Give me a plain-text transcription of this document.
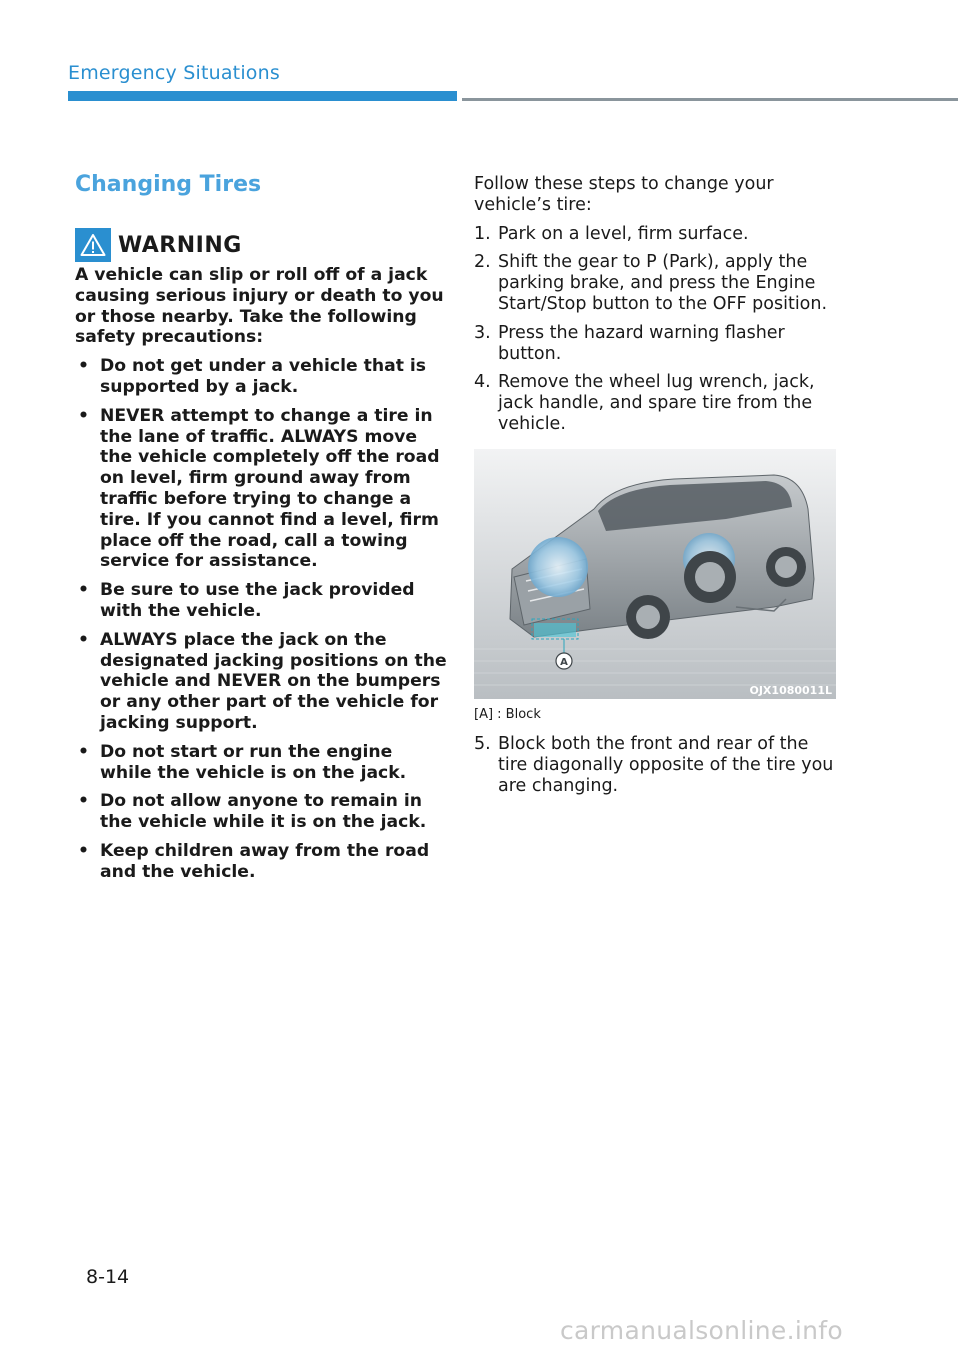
Emergency Situations
Changing Tires
WARNING

A vehicle can slip or roll off of a jack causing serious injury or death to you or those nearby. Take the following safety precautions:

• Do not get under a vehicle that is supported by a jack.
• NEVER attempt to change a tire in the lane of traffic. ALWAYS move the vehicle completely off the road on level, firm ground away from traffic before trying to change a tire. If you cannot find a level, firm place off the road, call a towing service for assistance.
• Be sure to use the jack provided with the vehicle.
• ALWAYS place the jack on the designated jacking positions on the vehicle and NEVER on the bumpers or any other part of the vehicle for jacking support.
• Do not start or run the engine while the vehicle is on the jack.
• Do not allow anyone to remain in the vehicle while it is on the jack.
• Keep children away from the road and the vehicle.

Follow these steps to change your vehicle’s tire:

1. Park on a level, firm surface.
2. Shift the gear to P (Park), apply the parking brake, and press the Engine Start/Stop button to the OFF position.
3. Press the hazard warning flasher button.
4. Remove the wheel lug wrench, jack, jack handle, and spare tire from the vehicle.
A
OJX1080011L
[A] : Block
5. Block both the front and rear of the tire diagonally opposite of the tire you are changing.
8-14
carmanualsonline.info
